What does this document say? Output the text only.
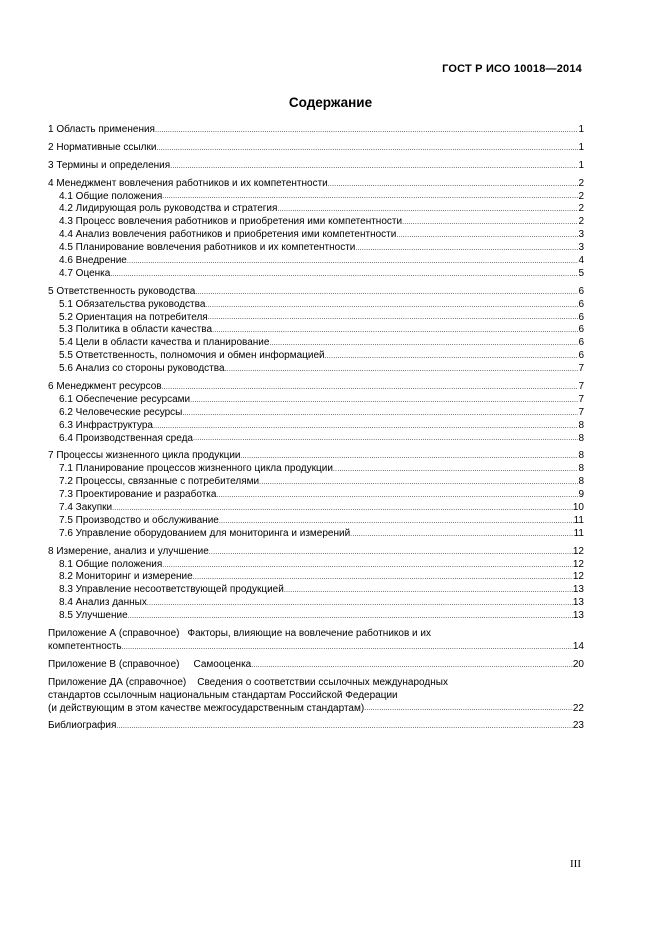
ГОСТ Р ИСО 10018—2014
Содержание
1 Область применения .....	1
2 Нормативные ссылки .....	1
3 Термины и определения .....	1
4 Менеджмент вовлечения работников и их компетентности .....	2
4.1 Общие положения .....	2
4.2 Лидирующая роль руководства и стратегия .....	2
4.3 Процесс вовлечения работников и приобретения ими компетентности .....	2
4.4 Анализ вовлечения работников и приобретения ими компетентности .....	3
4.5 Планирование вовлечения работников и их компетентности .....	3
4.6 Внедрение .....	4
4.7 Оценка .....	5
5 Ответственность руководства .....	6
5.1 Обязательства руководства .....	6
5.2 Ориентация на потребителя .....	6
5.3 Политика в области качества .....	6
5.4 Цели в области качества и планирование .....	6
5.5 Ответственность, полномочия и обмен информацией .....	6
5.6 Анализ со стороны руководства .....	7
6 Менеджмент ресурсов .....	7
6.1 Обеспечение ресурсами .....	7
6.2 Человеческие ресурсы .....	7
6.3 Инфраструктура .....	8
6.4 Производственная среда .....	8
7 Процессы жизненного цикла продукции .....	8
7.1 Планирование процессов жизненного цикла продукции .....	8
7.2 Процессы, связанные с потребителями .....	8
7.3 Проектирование и разработка .....	9
7.4 Закупки .....	10
7.5 Производство и обслуживание .....	11
7.6 Управление оборудованием для мониторинга и измерений .....	11
8 Измерение, анализ и улучшение .....	12
8.1 Общие положения .....	12
8.2 Мониторинг и измерение .....	12
8.3 Управление несоответствующей продукцией .....	13
8.4 Анализ данных .....	13
8.5 Улучшение .....	13
Приложение А (справочное) Факторы, влияющие на вовлечение работников и их
компетентность .....	14
Приложение В (справочное) Самооценка .....	20
Приложение ДА (справочное) Сведения о соответствии ссылочных международных
стандартов ссылочным национальным стандартам Российской Федерации
(и действующим в этом качестве межгосударственным стандартам) .....	22
Библиография .....	23
III
